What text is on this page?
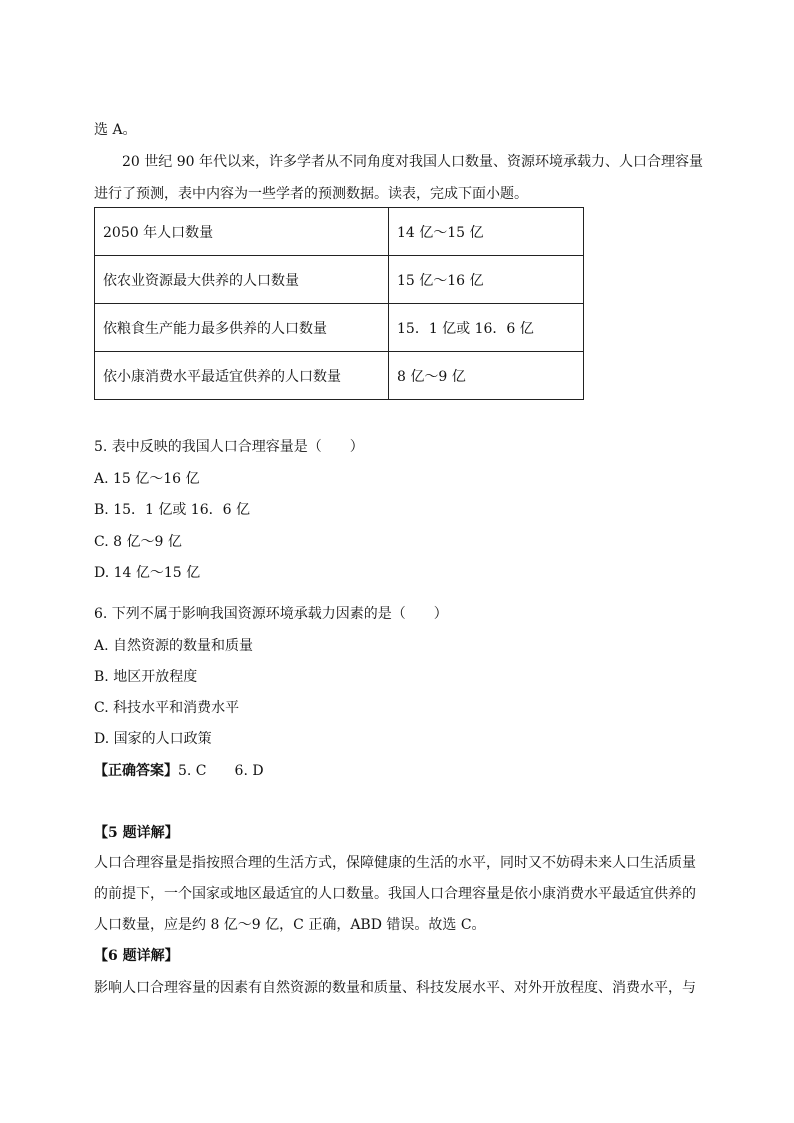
选 A。
20 世纪 90 年代以来，许多学者从不同角度对我国人口数量、资源环境承载力、人口合理容量
进行了预测，表中内容为一些学者的预测数据。读表，完成下面小题。
2050 年人口数量	14 亿～15 亿
依农业资源最大供养的人口数量	15 亿～16 亿
依粮食生产能力最多供养的人口数量	15．1 亿或 16．6 亿
依小康消费水平最适宜供养的人口数量	8 亿～9 亿
5. 表中反映的我国人口合理容量是（　　）
A. 15 亿～16 亿
B. 15．1 亿或 16．6 亿
C. 8 亿～9 亿
D. 14 亿～15 亿
6. 下列不属于影响我国资源环境承载力因素的是（　　）
A. 自然资源的数量和质量
B. 地区开放程度
C. 科技水平和消费水平
D. 国家的人口政策
【正确答案】5. C 6. D
【5 题详解】
人口合理容量是指按照合理的生活方式，保障健康的生活的水平，同时又不妨碍未来人口生活质量
的前提下，一个国家或地区最适宜的人口数量。我国人口合理容量是依小康消费水平最适宜供养的
人口数量，应是约 8 亿～9 亿，C 正确，ABD 错误。故选 C。
【6 题详解】
影响人口合理容量的因素有自然资源的数量和质量、科技发展水平、对外开放程度、消费水平，与
